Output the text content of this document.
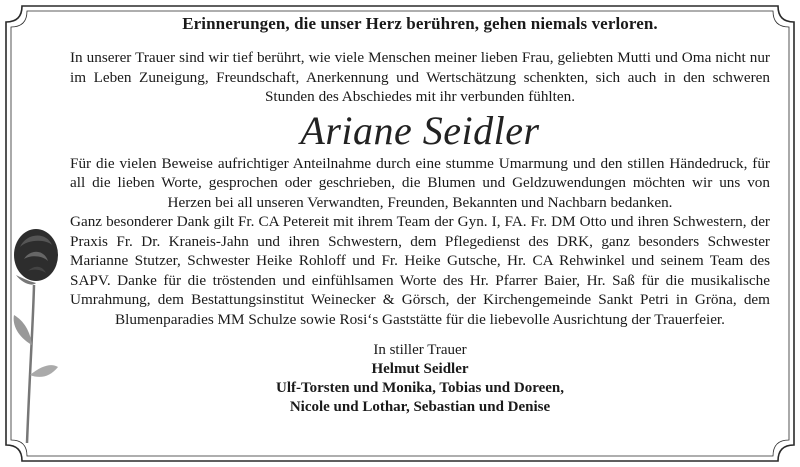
Erinnerungen, die unser Herz berühren, gehen niemals verloren.

In unserer Trauer sind wir tief berührt, wie viele Menschen meiner lieben Frau, geliebten Mutti und Oma nicht nur im Leben Zuneigung, Freundschaft, Anerkennung und Wertschätzung schenkten, sich auch in den schweren Stunden des Abschiedes mit ihr verbunden fühlten.

Ariane Seidler

Für die vielen Beweise aufrichtiger Anteilnahme durch eine stumme Umarmung und den stillen Händedruck, für all die lieben Worte, gesprochen oder geschrieben, die Blumen und Geldzuwendungen möchten wir uns von Herzen bei all unseren Verwandten, Freunden, Bekannten und Nachbarn bedanken.

Ganz besonderer Dank gilt Fr. CA Petereit mit ihrem Team der Gyn. I, FA. Fr. DM Otto und ihren Schwestern, der Praxis Fr. Dr. Kraneis-Jahn und ihren Schwestern, dem Pflegedienst des DRK, ganz besonders Schwester Marianne Stutzer, Schwester Heike Rohloff und Fr. Heike Gutsche, Hr. CA Rehwinkel und seinem Team des SAPV. Danke für die tröstenden und einfühlsamen Worte des Hr. Pfarrer Baier, Hr. Saß für die musikalische Umrahmung, dem Bestattungsinstitut Weinecker & Görsch, der Kirchengemeinde Sankt Petri in Gröna, dem Blumenparadies MM Schulze sowie Rosi‘s Gaststätte für die liebevolle Ausrichtung der Trauerfeier.

In stiller Trauer
Helmut Seidler
Ulf-Torsten und Monika, Tobias und Doreen,
Nicole und Lothar, Sebastian und Denise
